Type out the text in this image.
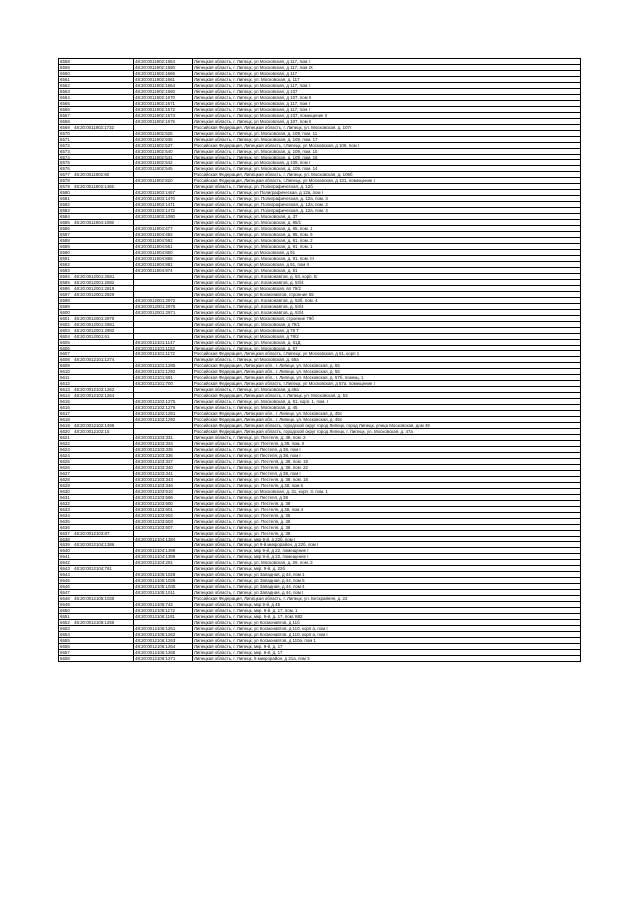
6558	48:20:0011902:1654	Липецкая область, г. Липецк, ул Московская, д 117, пом I
6559	48:20:0011902:1650	Липецкая область, г. Липецк, ул Московская, д 117, пом IX
6560	48:20:0011902:1666	Липецкая область, г. Липецк, ул Московская, д 117
6561	48:20:0011902:1661	Липецкая область, г. Липецк, ул. Московская, д. 117
6562	48:20:0011902:1664	Липецкая область, г. Липецк, ул Московская, д 117, пом I
6563	48:20:0011902:1660	Липецкая область, г. Липецк, ул Московская, д 107
6564	48:20:0011902:1670	Липецкая область, г. Липецк, ул Московская, д 107, пом II
6565	48:20:0011902:1671	Липецкая область, г. Липецк, ул Московская, д 117, пом I
6566	48:20:0011902:1672	Липецкая область, г. Липецк, ул Московская, д 117, пом I
6567	48:20:0011902:1674	Липецкая область, г. Липецк, ул Московская, д 107, помещение II
6568	48:20:0011902:1675	Липецкая область, г. Липецк, ул Московская, д 107, пом II
6569 48:20:0011902:1732	Российская Федерация, Липецкая область, г. Липецк, ул. Московская, д. 107г
6570	48:20:0011902:525	Липецкая область, г. Липецк, ул. Московская, д. 109, пом. 11
6571	48:20:0011902:535	Липецкая область, г. Липецк, ул. Московская, д. 109, пом. 17
6572	48:20:0011902:537	Российская Федерация, Липецкая область, г.Липецк, ул Московская, д 109, пом I
6573	48:20:0011902:540	Липецкая область, г. Липецк, ул. Московская, д. 109, пом. 15
6574	48:20:0011902:541	Липецкая область, г. Липецк, ул. Московская, д. 109, пом. 16
6575	48:20:0011902:542	Липецкая область, г. Липецк, ул Московская, д 109, пом I
6576	48:20:0011902:545	Липецкая область, г. Липецк, ул. Московская, д. 109, пом. 14
6577 48:20:0011902:60	Российская Федерация, Липецкая область, г. Липецк, ул. Московская, д. 109б
6578	48:20:0011902:820	Российская Федерация, Липецкая область, г.Липецк, ул Московская, д 131, помещение I
6579 48:20:0011903:1465	Липецкая область, г. Липецк, ул. Полиграфическая, д. 12б
6580	48:20:0011903:1467	Липецкая область, г. Липецк, ул Полиграфическая, д 12а, пом I
6581	48:20:0011903:1470	Липецкая область, г. Липецк, ул. Полиграфическая, д. 12а, пом. 3
6582	48:20:0011903:1471	Липецкая область, г. Липецк, ул. Полиграфическая, д. 12а, пом. 2
6583	48:20:0011903:1472	Липецкая область, г. Липецк, ул. Полиграфическая, д. 12а, пом. 4
6584	48:20:0011903:1080	Липецкая область, г. Липецк, ул. Московская, д. 37
6585 48:20:0011904:1086	Липецкая область, г. Липецк, ул. Московская, д. 85/1
6586	48:20:0011904:477	Липецкая область, г. Липецк, ул. Московская, д. 85, пом. 1
6587	48:20:0011904:482	Липецкая область, г. Липецк, ул. Московская, д. 85, пом. 5
6588	48:20:0011904:592	Липецкая область, г. Липецк, ул. Московская, д. 91, пом. 2
6589	48:20:0011904:561	Липецкая область, г. Липецк, ул. Московская, д. 91, пом. 1
6590	48:20:0011904:860	Липецкая область, г. Липецк, ул Московская, д 91
6591	48:20:0011904:866	Липецкая область, г. Липецк, ул. Московская, д. 91, пом. III
6592	48:20:0011904:881	Липецкая область, г. Липецк, ул Московская, д 91, пом II
6593	48:20:0011904:974	Липецкая область, г. Липецк, ул. Московская, д. 91
6594 48:20:0012001:2581	Липецкая область, г. Липецк, ул. Космонавтов, д. 53, корп. Б
6595 48:20:0012001:2582	Липецкая область, г. Липецк, ул. Космонавтов, д. 53/4
6596 48:20:0012001:2819	Липецкая область, г. Липецк, ул Московская, вл 79/2
6597 48:20:0012001:2929	Липецкая область, г. Липецк, ул Космонавтов, строение 55
6598	48:20:0012001:2972	Липецкая область, г. Липецк, ул. Космонавтов, д. 53б, пом. 4
6599	48:20:0012001:2976	Липецкая область, г. Липецк, ул. Космонавтов, д. 53/4
6600	48:20:0012001:2971	Липецкая область, г. Липецк, ул. Космонавтов, д. 53/4
6601 48:20:0012001:2975	Липецкая область, г. Липецк, ул Московская, строение 79б
6602 48:20:0012001:2981	Липецкая область, г. Липецк, ул. Московская, д 79/1
6603 48:20:0012001:2982	Липецкая область, г. Липецк, ул Московская, д 79 Т
6604 48:20:0012001:61	Липецкая область, г. Липецк, ул Московская, д 79/2
6605	48:20:0012101:1147	Липецкая область, г. Липецк, ул. Московская, д. 61Д
6606	48:20:0012101:1152	Липецкая область, г. Липецк, ул. Московская, д. 57
6607	48:20:0012101:1172	Российская Федерация, Липецкая область, г.Липецк, ул Московская, д 61, корп 1
6608 48:20:0012101:1274	Липецкая область, г. Липецк, ул Московская, д. 55а
6609	48:20:0012101:1285	Российская Федерация, Липецкая обл., г. Липецк, ул. Московская, д. 55
6610	48:20:0012101:1292	Российская Федерация, Липецкая обл., г. Липецк, ул. Московская, д. 55
6611	48:20:0012101:691	Российская Федерация, Липецкая обл., г. Липецк, ул. Московская, д. 57б, помещ. 1
6612	48:20:0012101:700	Российская Федерация, Липецкая область, г.Липецк, ул Московская, д 57а, помещение I
6613 48:20:0012102:1262	Липецкая область, г. Липецк, ул. Московская, д.45а
6614 48:20:0012102:1264	Российская Федерация, Липецкая область, г. Липецк, ул. Московская, д. 53
6615	48:20:0012102:1275	Липецкая область, г. Липецк, ул. Московская, д. 51, корп. 1, пом. I
6616	48:20:0012102:1276	Липецкая область, г. Липецк, ул. Московская, д. 45
6617	48:20:0012102:1291	Российская Федерация, Липецкая обл., г. Липецк, ул. Московская, д. 45с
6618	48:20:0012102:1292	Российская Федерация, Липецкая обл., г. Липецк, ул. Московская, д. 45с
6619 48:20:0012102:1498	Российская Федерация, Липецкая область, городской округ город Липецк, город Липецк, улица Московская, дом 49
6620 48:20:0012102:15	Российская Федерация, Липецкая область, городской округ город Липецк, г. Липецк, ул. Московская, д. 47а
6621	48:20:0012103:331	Липецкая область, г. Липецк, ул. Пестеля, д. 38, пом. 2
6622	48:20:0012103:334	Липецкая область, г. Липецк, ул. Пестеля, д.38, пом. II
6623	48:20:0012103:335	Липецкая область, г. Липецк, ул Пестеля, д 38, пом I
6624	48:20:0012103:336	Липецкая область, г. Липецк, ул Пестеля, д 38, пом I
6625	48:20:0012103:337	Липецкая область, г. Липецк, ул. Пестеля, д. 38, пом. 19
6626	48:20:0012103:340	Липецкая область, г. Липецк, ул. Пестеля, д. 38, пом. 22
6627	48:20:0012103:341	Липецкая область, г. Липецк, ул Пестеля, д 38, пом I
6628	48:20:0012103:343	Липецкая область, г. Липецк, ул. Пестеля, д. 38, пом. 18
6629	48:20:0012103:346	Липецкая область, г. Липецк, ул. Пестеля, д.38, пом 6
6630	48:20:0012103:510	Липецкая область, г. Липецк, ул Московская, д. 31, корп. 3, пом. 1
6631	48:20:0012103:596	Липецкая область, г. Липецк, ул Пестеля, д 38
6632	48:20:0012103:600	Липецкая область, г. Липецк, ул. Пестеля, д. 38
6633	48:20:0012103:601	Липецкая область, г. Липецк, ул. Пестеля, д.38, пом 4
6634	48:20:0012103:602	Липецкая область, г. Липецк, ул. Пестеля, д. 38
6635	48:20:0012103:603	Липецкая область, г. Липецк, ул. Пестеля, д. 38
6636	48:20:0012103:607	Липецкая область, г. Липецк, ул. Пестеля, д. 38
6637 48:20:0012103:87	Липецкая область, г. Липецк, ул. Пестеля, д. 38
6638	48:20:0012104:1384	Липецкая область, г. Липецк, мкр 9-й, д 22б, пом I
6639 48:20:0012104:1386	Липецкая область, г. Липецк, ул 9-й микрорайон, д 22б, пом I
6640	48:20:0012104:1398	Липецкая область, г. Липецк, мкр 9-й, д 22, помещение I
6641	48:20:0012104:1399	Липецкая область, г. Липецк, мкр 9-й, д 22, помещение I
6642	48:20:0012104:291	Липецкая область, г. Липецк, ул. Московская, д. 29, пом. 3
6643 48:20:0012104:761	Липецкая область, г. Липецк, мкр. 9-й, д. 23б
6644	48:20:0012105:1028	Липецкая область, г. Липецк, ул Западная, д 44, пом 1
6645	48:20:0012105:1029	Липецкая область, г. Липецк, ул Западная, д 44, пом 5
6646	48:20:0012105:1035	Липецкая область, г. Липецк, ул Западная, д 44, пом 4
6647	48:20:0012105:1011	Липецкая область, г. Липецк, ул Западная, д 44, пом I
6648 48:20:0012105:1035	Российская Федерация, Липецкая область, г. Липецк, ул. Бескрайняя, д. 22
6649	48:20:0012105:742	Липецкая область, г. Липецк, мкр 9-й, д 45
6650	48:20:0012106:1172	Липецкая область, г. Липецк, мкр. 9-й, д. 17, пом. 1
6651	48:20:0012106:1181	Липецкая область, г. Липецк, мкр. 9-й, д. 17, пом. 882
6652 48:20:0012106:1256	Липецкая область, г. Липецк, ул Космонавтов, д 11б
6653	48:20:0012106:1261	Липецкая область, г. Липецк, ул Космонавтов, д 110, корп а, пом I
6654	48:20:0012106:1262	Липецкая область, г. Липецк, ул Космонавтов, д 110, корп а, пом I
6655	48:20:0012106:1263	Липецкая область, г. Липецк, ул Космонавтов, д 110а, пом 1
6656	48:20:0012106:1264	Липецкая область, г. Липецк, мкр. 9-й, д. 17
6657	48:20:0012106:1265	Липецкая область, г. Липецк, мкр. 9-й, д. 17
6658	48:20:0012106:1271	Липецкая область, г. Липецк, 9 микрорайон, д 21а, пом 3
